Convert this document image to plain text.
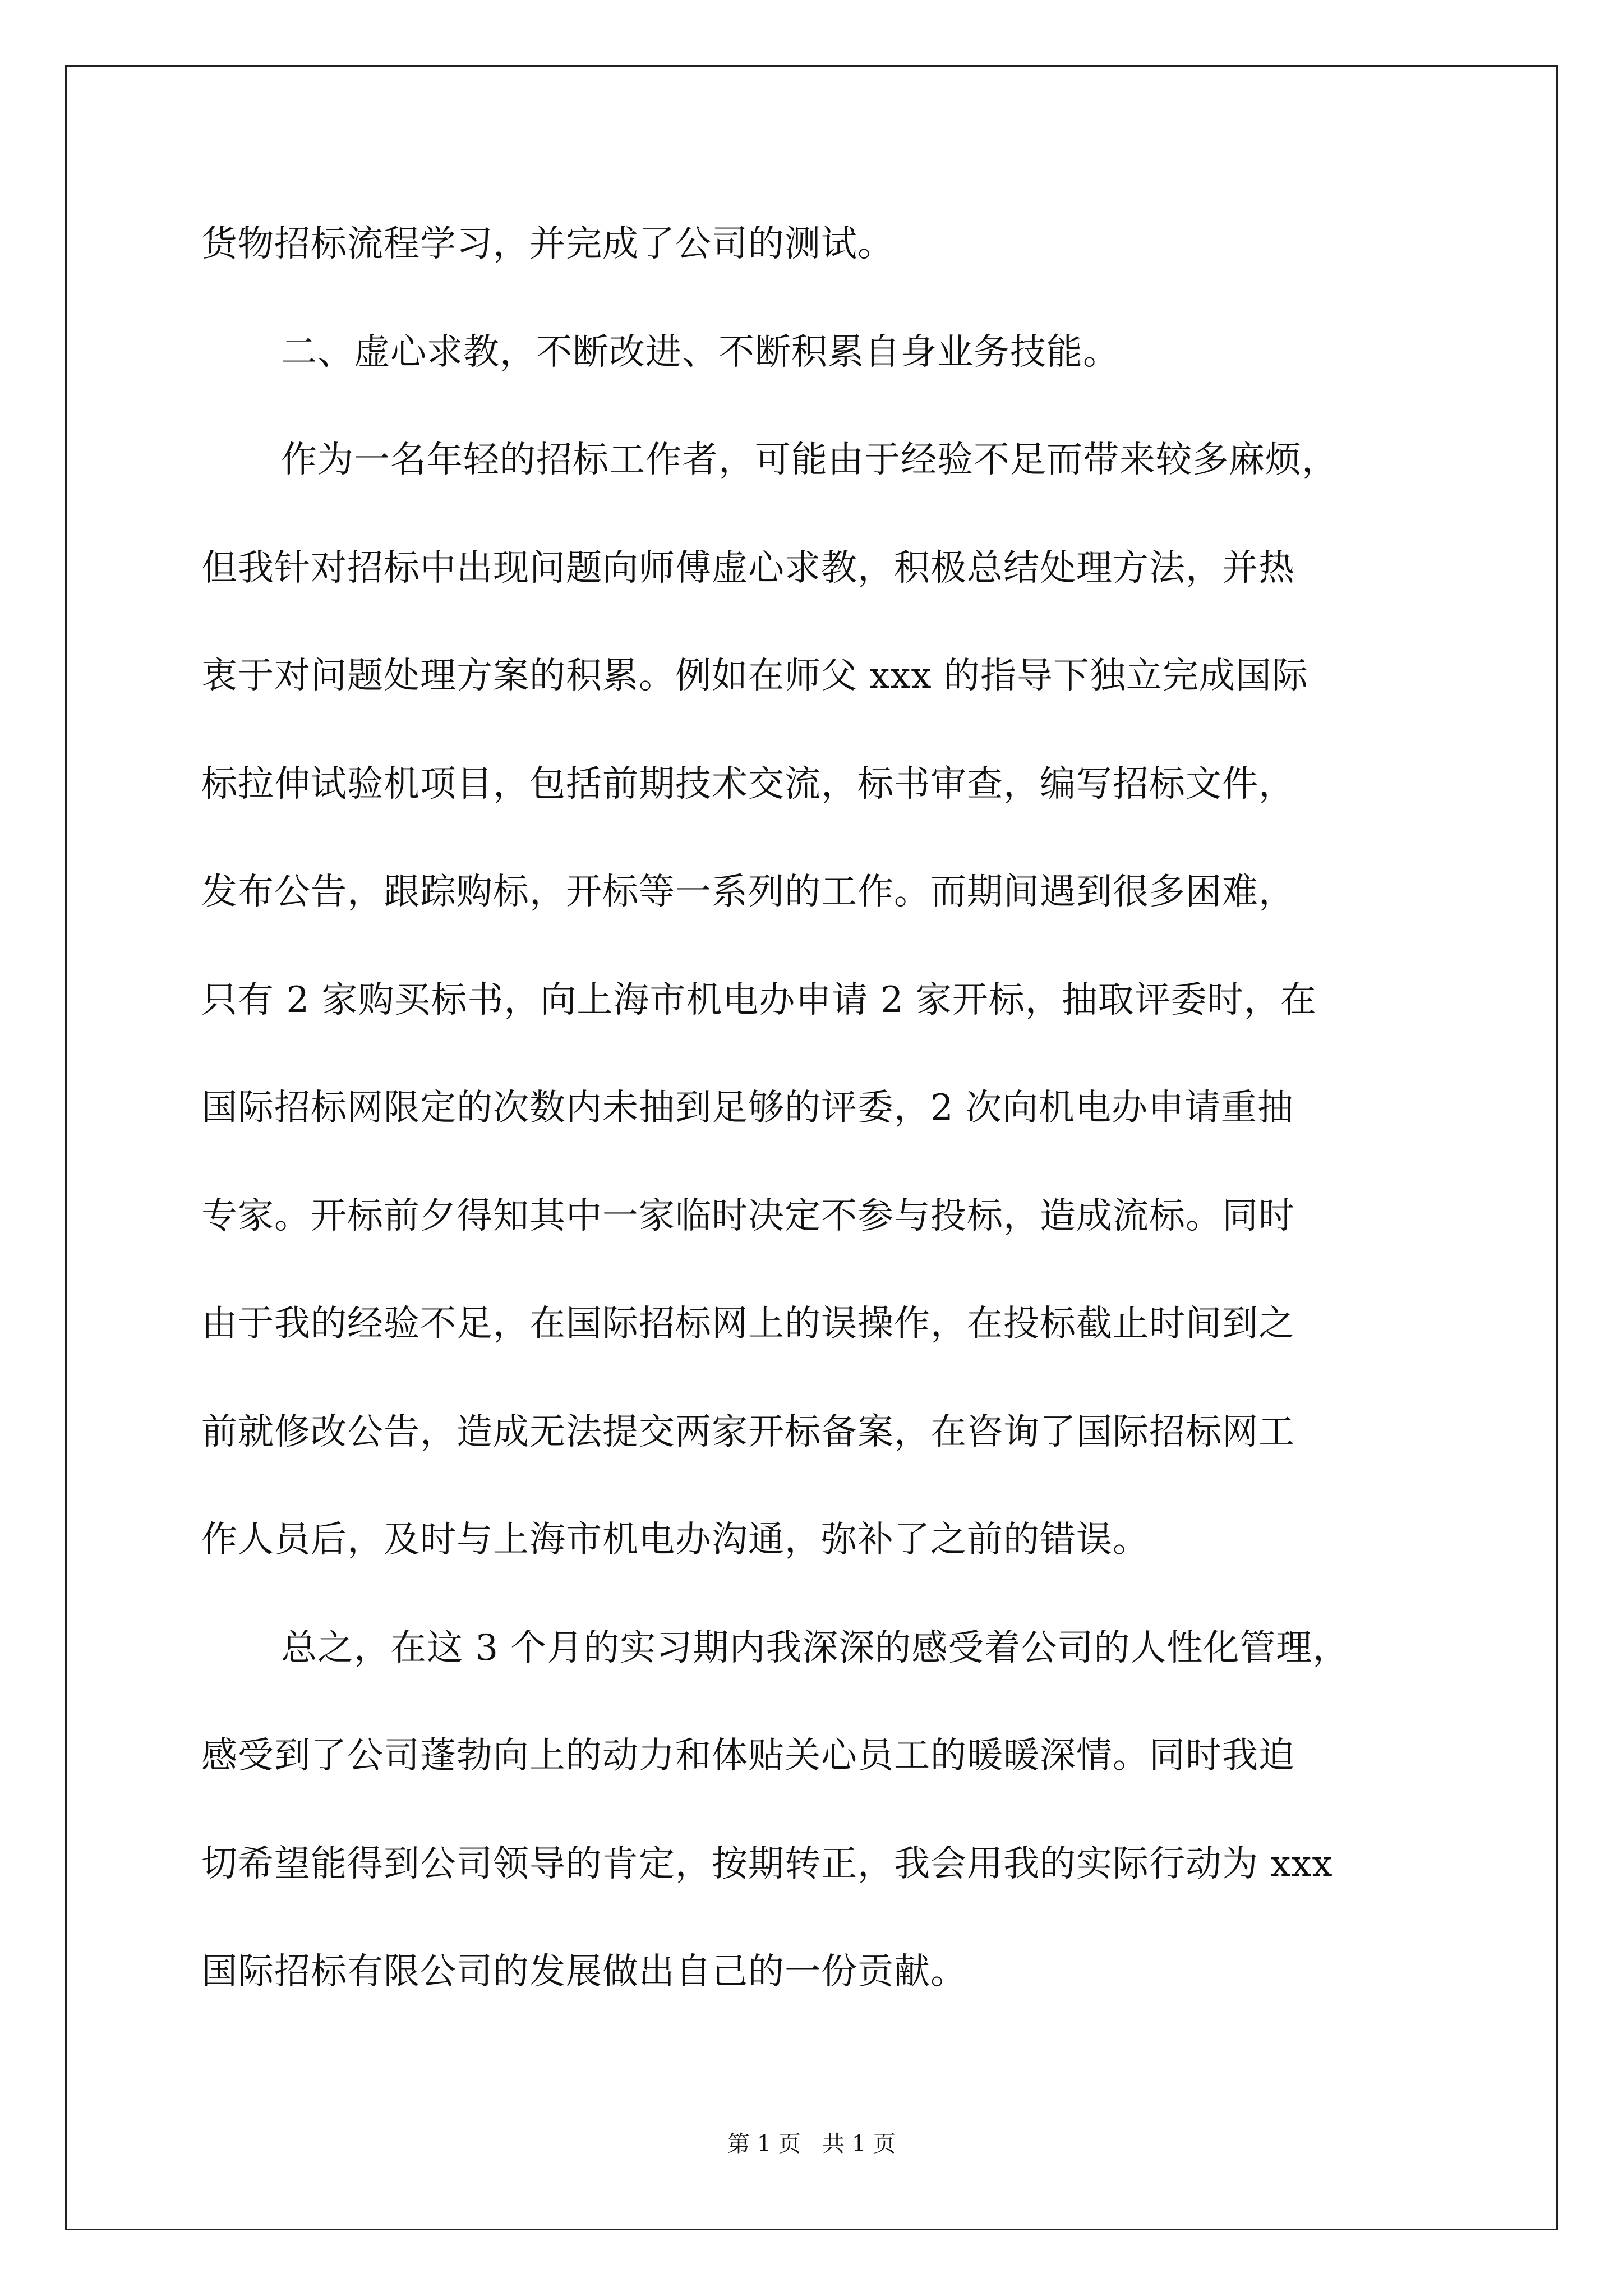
货物招标流程学习，并完成了公司的测试。
二、虚心求教，不断改进、不断积累自身业务技能。
作为一名年轻的招标工作者，可能由于经验不足而带来较多麻烦，
但我针对招标中出现问题向师傅虚心求教，积极总结处理方法，并热
衷于对问题处理方案的积累。例如在师父 xxx 的指导下独立完成国际
标拉伸试验机项目，包括前期技术交流，标书审查，编写招标文件，
发布公告，跟踪购标，开标等一系列的工作。而期间遇到很多困难，
只有 2 家购买标书，向上海市机电办申请 2 家开标，抽取评委时，在
国际招标网限定的次数内未抽到足够的评委，2 次向机电办申请重抽
专家。开标前夕得知其中一家临时决定不参与投标，造成流标。同时
由于我的经验不足，在国际招标网上的误操作，在投标截止时间到之
前就修改公告，造成无法提交两家开标备案，在咨询了国际招标网工
作人员后，及时与上海市机电办沟通，弥补了之前的错误。
总之，在这 3 个月的实习期内我深深的感受着公司的人性化管理，
感受到了公司蓬勃向上的动力和体贴关心员工的暖暖深情。同时我迫
切希望能得到公司领导的肯定，按期转正，我会用我的实际行动为 xxx
国际招标有限公司的发展做出自己的一份贡献。
第 1 页   共 1 页
